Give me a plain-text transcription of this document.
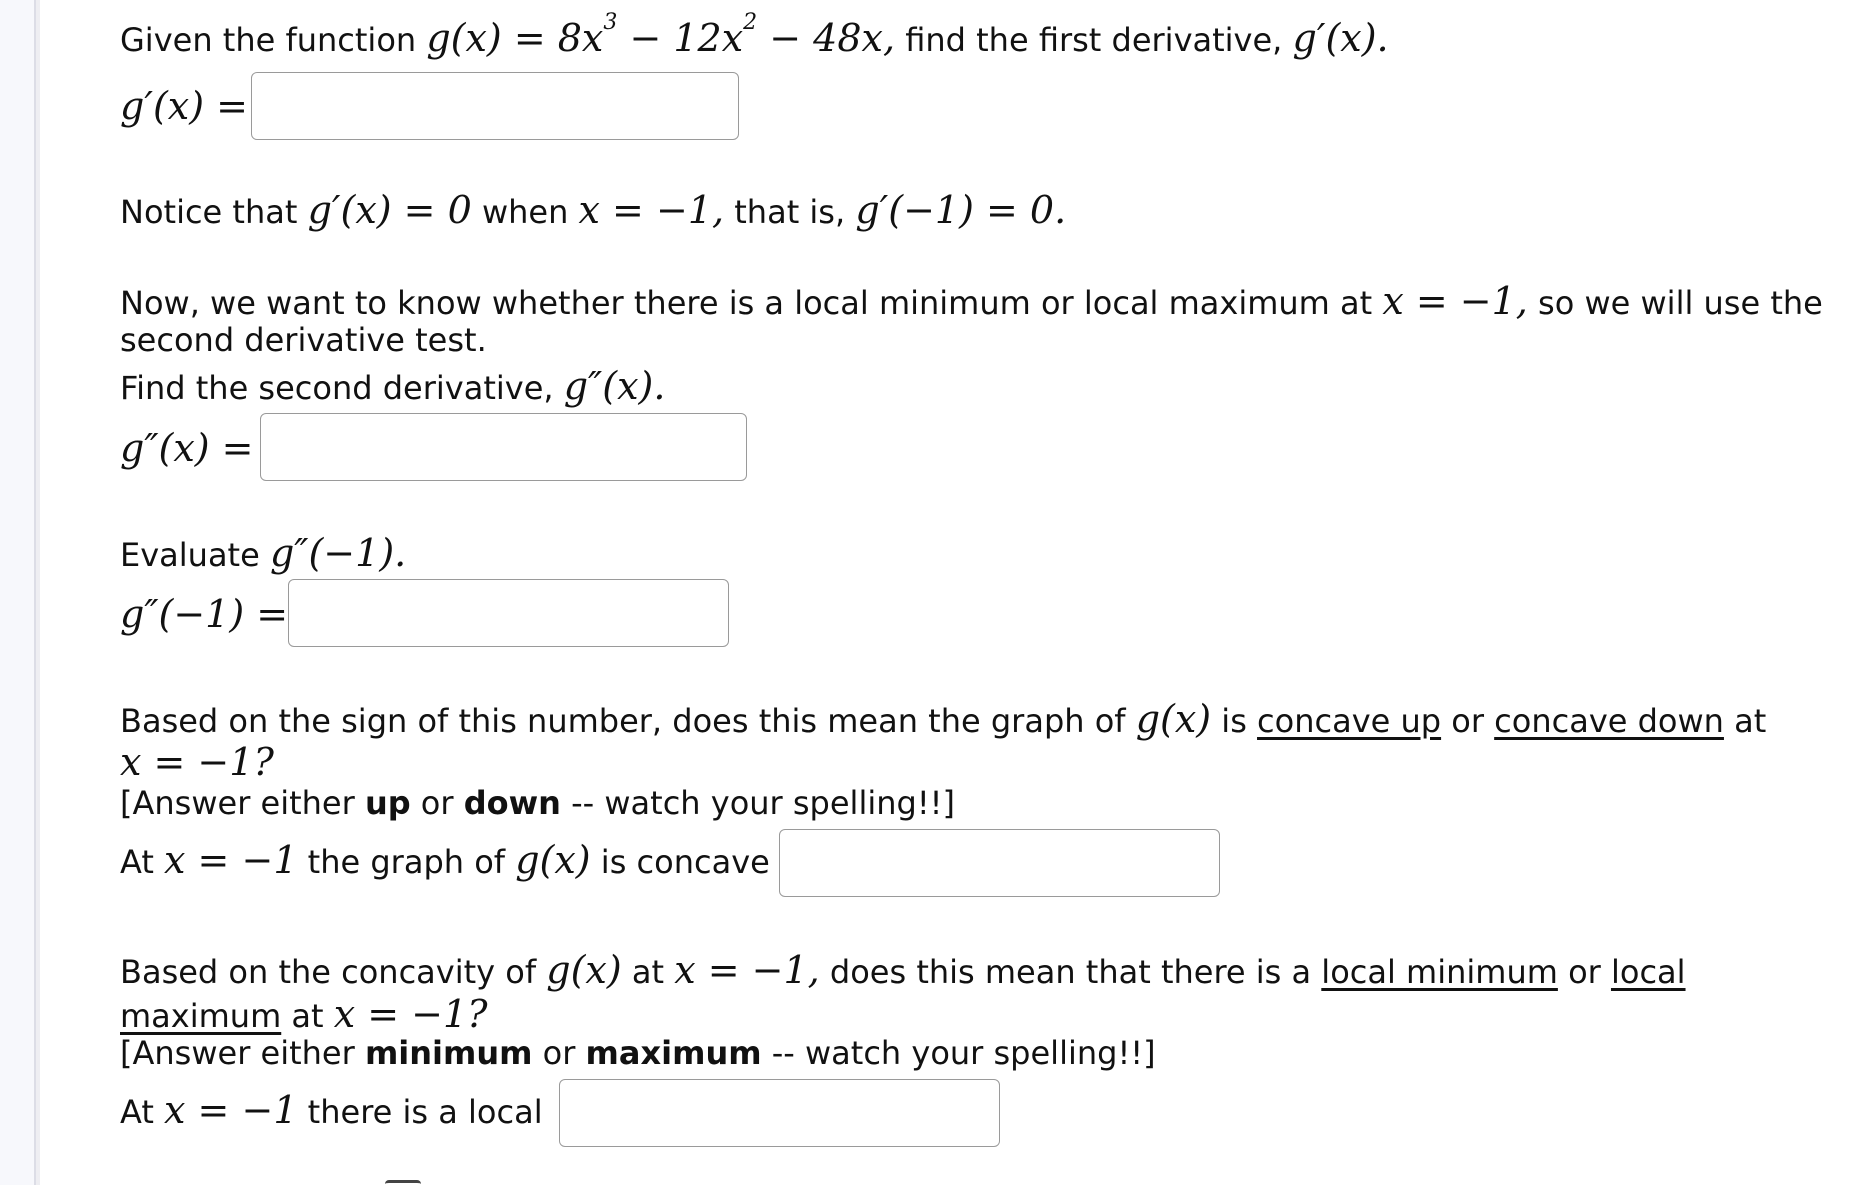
Given the function $g(x) = 8x^3 - 12x^2 - 48x$, find the first derivative, g′(x).
g′(x) =
Notice that g′(x) = 0 when x = −1, that is, g′(−1) = 0.
Now, we want to know whether there is a local minimum or local maximum at x = −1, so we will use the
second derivative test.
Find the second derivative, g″(x).
g″(x) =
Evaluate g″(−1).
g″(−1) =
Based on the sign of this number, does this mean the graph of g(x) is concave up or concave down at
x = −1?
[Answer either up or down -- watch your spelling!!]
At x = −1 the graph of g(x) is concave
Based on the concavity of g(x) at x = −1, does this mean that there is a local minimum or local
maximum at x = −1?
[Answer either minimum or maximum -- watch your spelling!!]
At x = −1 there is a local
